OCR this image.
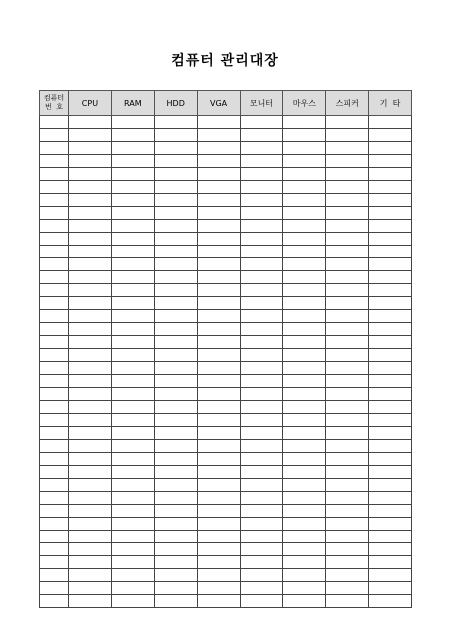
컴퓨터 관리대장
컴퓨터
번  호	CPU	RAM	HDD	VGA	모니터	마우스	스피커	기  타
